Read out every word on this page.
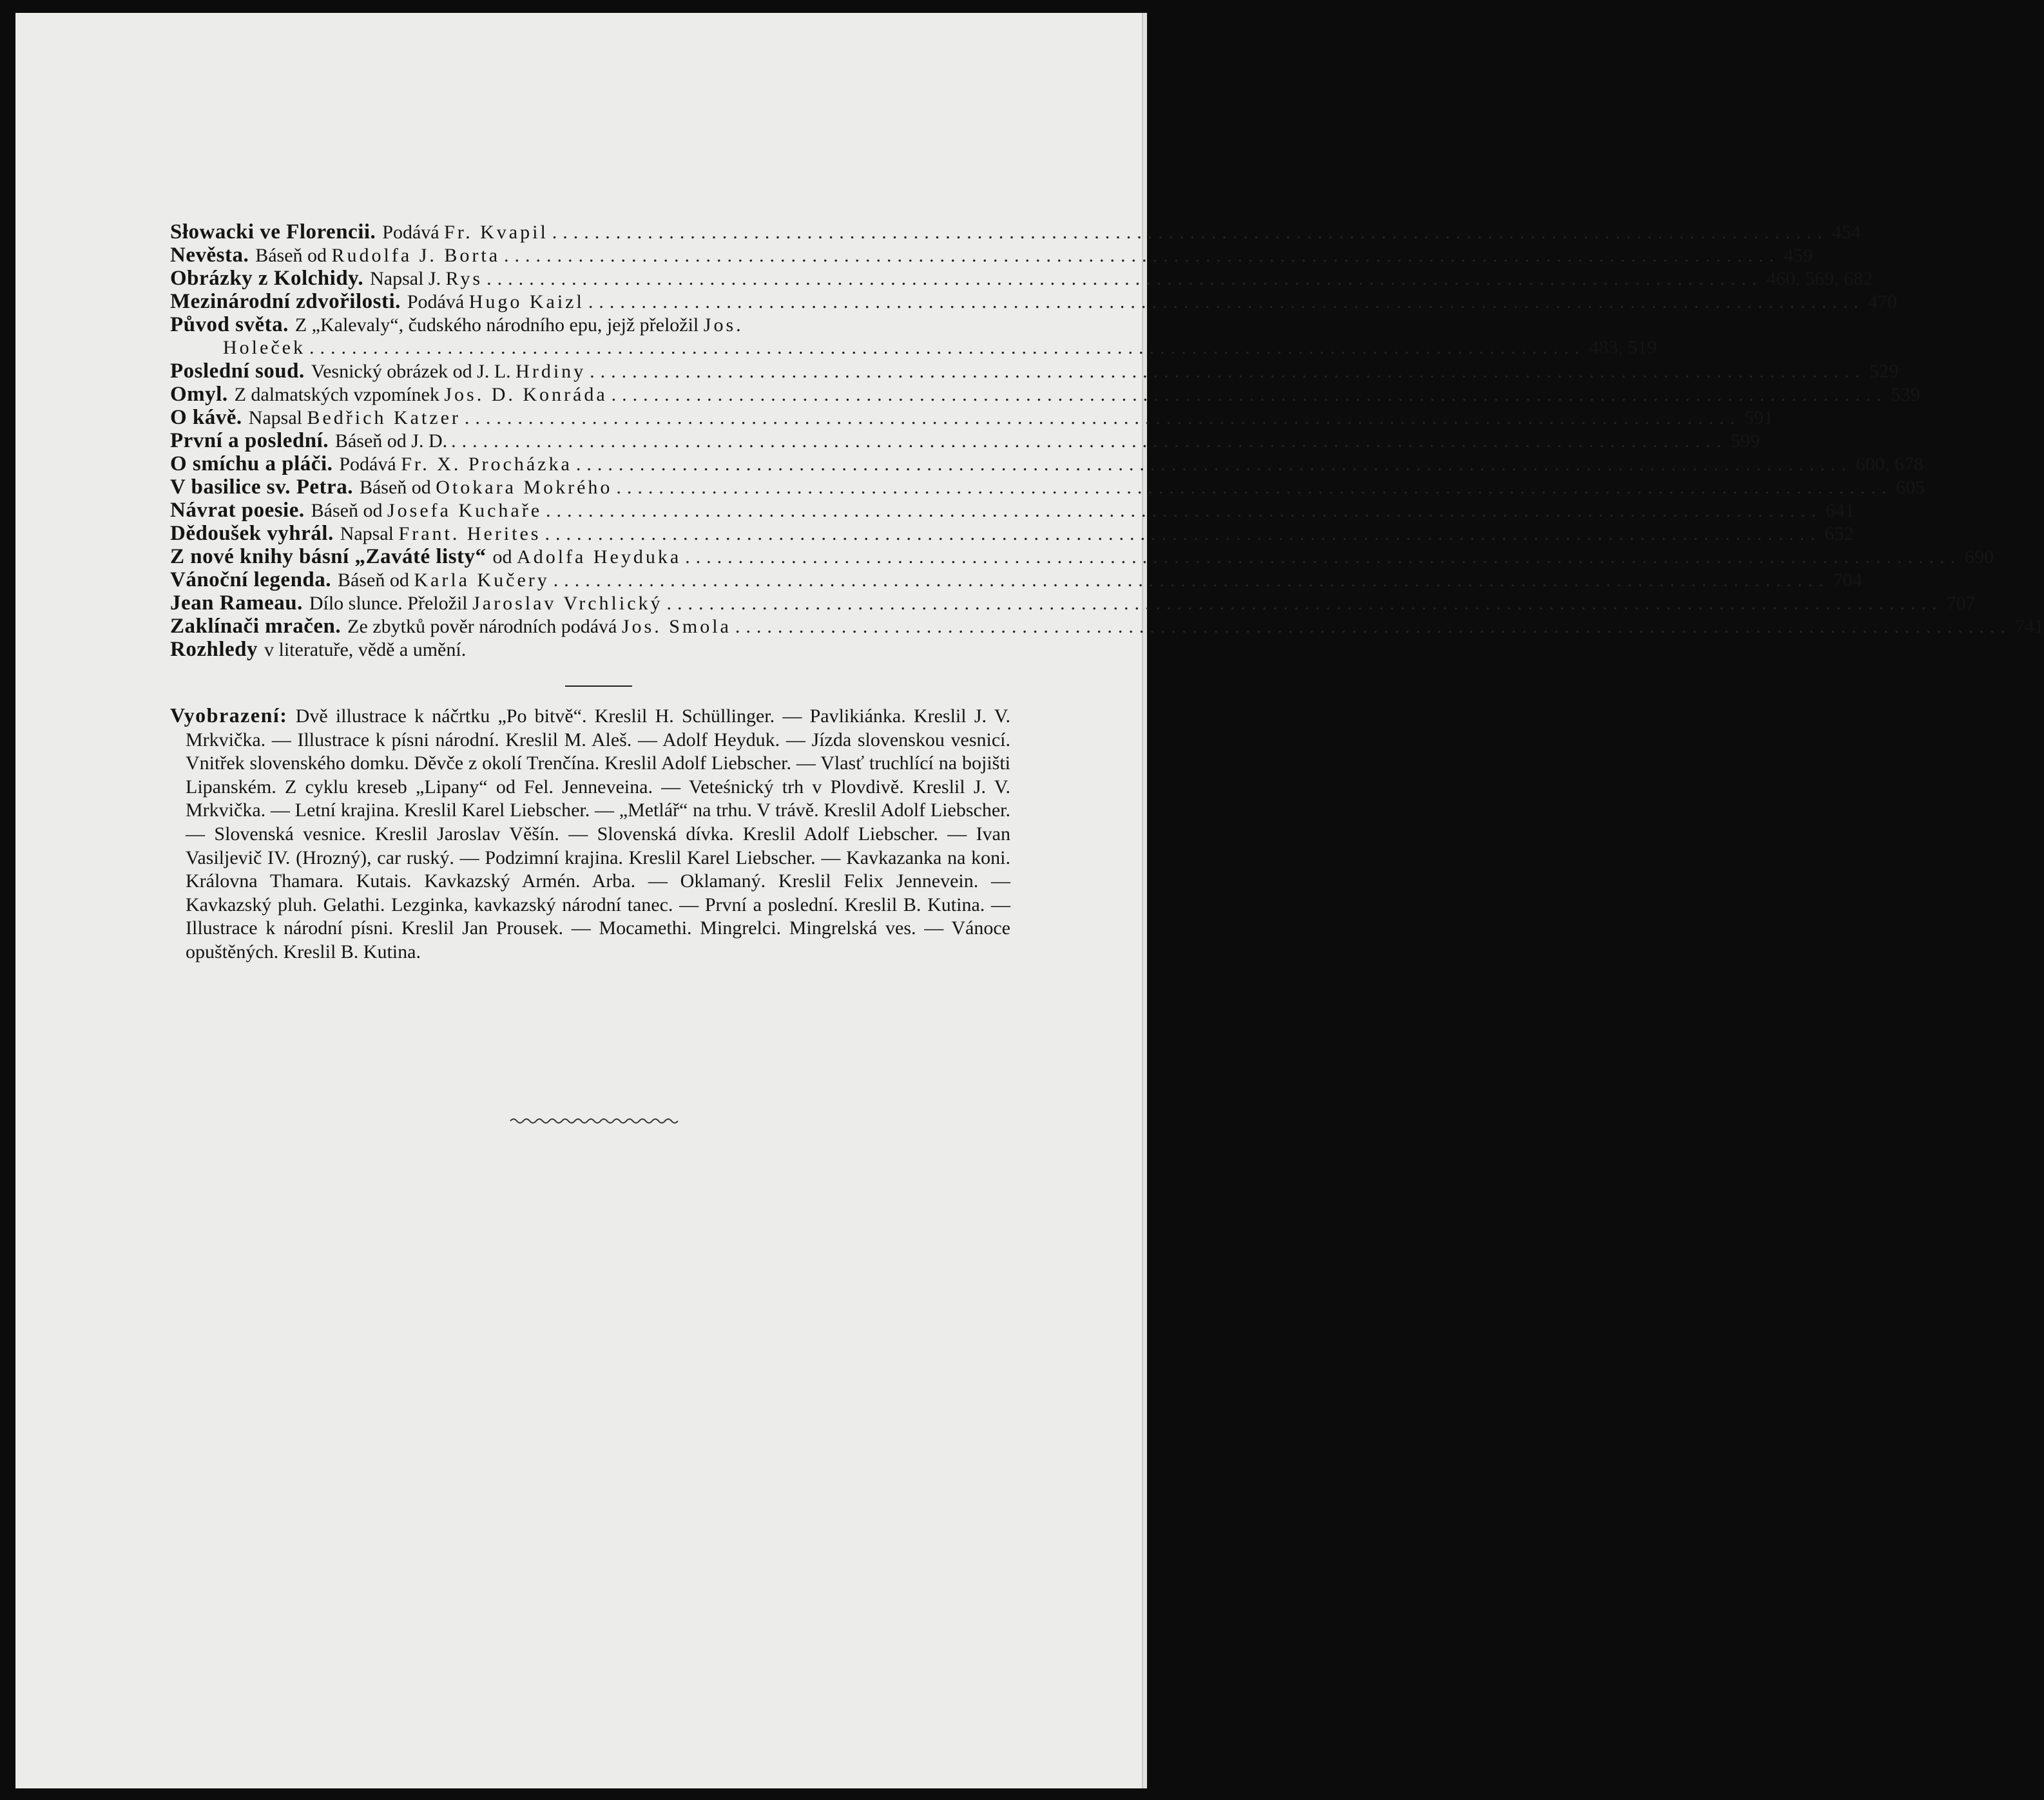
Słowacki ve Florencii. Podává Fr. Kvapil ........................................................................................................................ 454
Nevěsta. Báseň od Rudolfa J. Borta ........................................................................................................................ 459
Obrázky z Kolchidy. Napsal J. Rys ........................................................................................................................ 460, 569, 682
Mezinárodní zdvořilosti. Podává Hugo Kaizl ........................................................................................................................ 470
Původ světa. Z „Kalevaly“, čudského národního epu, jejž přeložil Jos.
Holeček ........................................................................................................................ 483, 519
Poslední soud. Vesnický obrázek od J. L. Hrdiny ........................................................................................................................ 529
Omyl. Z dalmatských vzpomínek Jos. D. Konráda ........................................................................................................................ 539
O kávě. Napsal Bedřich Katzer ........................................................................................................................ 591
První a poslední. Báseň od J. D. ........................................................................................................................ 599
O smíchu a pláči. Podává Fr. X. Procházka ........................................................................................................................ 600, 678
V basilice sv. Petra. Báseň od Otokara Mokrého ........................................................................................................................ 605
Návrat poesie. Báseň od Josefa Kuchaře ........................................................................................................................ 641
Dědoušek vyhrál. Napsal Frant. Herites ........................................................................................................................ 652
Z nové knihy básní „Zaváté listy“ od Adolfa Heyduka ........................................................................................................................ 690
Vánoční legenda. Báseň od Karla Kučery ........................................................................................................................ 704
Jean Rameau. Dílo slunce. Přeložil Jaroslav Vrchlický ........................................................................................................................ 707
Zaklínači mračen. Ze zbytků pověr národních podává Jos. Smola ........................................................................................................................ 741
Rozhledy v literatuře, vědě a umění.

Vyobrazení: Dvě illustrace k náčrtku „Po bitvě“. Kreslil H. Schüllinger. — Pavlikiánka. Kreslil J. V. Mrkvička. — Illustrace k písni národní. Kreslil M. Aleš. — Adolf Heyduk. — Jízda slovenskou vesnicí. Vnitřek slovenského domku. Děvče z okolí Trenčína. Kreslil Adolf Liebscher. — Vlasť truchlící na bojišti Lipanském. Z cyklu kreseb „Lipany“ od Fel. Jenneveina. — Veteśnický trh v Plovdivě. Kreslil J. V. Mrkvička. — Letní krajina. Kreslil Karel Liebscher. — „Metlář“ na trhu. V trávě. Kreslil Adolf Liebscher. — Slovenská vesnice. Kreslil Jaroslav Věšín. — Slovenská dívka. Kreslil Adolf Liebscher. — Ivan Vasiljevič IV. (Hrozný), car ruský. — Podzimní krajina. Kreslil Karel Liebscher. — Kavkazanka na koni. Královna Thamara. Kutais. Kavkazský Armén. Arba. — Oklamaný. Kreslil Felix Jennevein. — Kavkazský pluh. Gelathi. Lezginka, kavkazský národní tanec. — První a poslední. Kreslil B. Kutina. — Illustrace k národní písni. Kreslil Jan Prousek. — Mocamethi. Mingrelci. Mingrelská ves. — Vánoce opuštěných. Kreslil B. Kutina.
